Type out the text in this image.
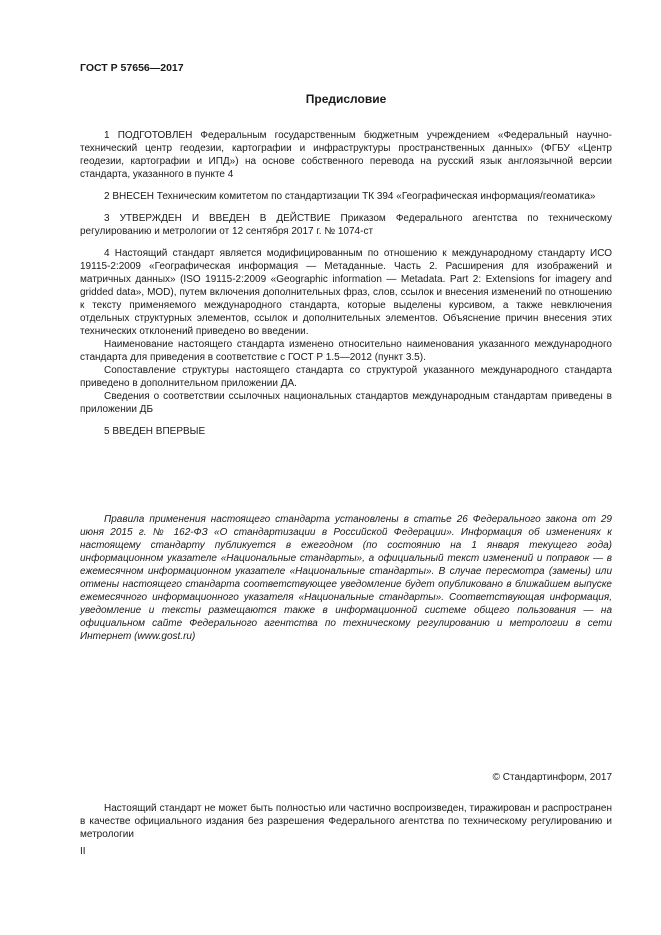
ГОСТ Р 57656—2017

Предисловие

1 ПОДГОТОВЛЕН Федеральным государственным бюджетным учреждением «Федеральный научно-технический центр геодезии, картографии и инфраструктуры пространственных данных» (ФГБУ «Центр геодезии, картографии и ИПД») на основе собственного перевода на русский язык англоязычной версии стандарта, указанного в пункте 4

2 ВНЕСЕН Техническим комитетом по стандартизации ТК 394 «Географическая информация/геоматика»

3 УТВЕРЖДЕН И ВВЕДЕН В ДЕЙСТВИЕ Приказом Федерального агентства по техническому регулированию и метрологии от 12 сентября 2017 г. № 1074-ст

4 Настоящий стандарт является модифицированным по отношению к международному стандарту ИСО 19115-2:2009 «Географическая информация — Метаданные. Часть 2. Расширения для изображений и матричных данных» (ISO 19115-2:2009 «Geographic information — Metadata. Part 2: Extensions for imagery and gridded data», MOD), путем включения дополнительных фраз, слов, ссылок и внесения изменений по отношению к тексту применяемого международного стандарта, которые выделены курсивом, а также невключения отдельных структурных элементов, ссылок и дополнительных элементов. Объяснение причин внесения этих технических отклонений приведено во введении.

Наименование настоящего стандарта изменено относительно наименования указанного международного стандарта для приведения в соответствие с ГОСТ Р 1.5—2012 (пункт 3.5).

Сопоставление структуры настоящего стандарта со структурой указанного международного стандарта приведено в дополнительном приложении ДА.

Сведения о соответствии ссылочных национальных стандартов международным стандартам приведены в приложении ДБ

5 ВВЕДЕН ВПЕРВЫЕ

Правила применения настоящего стандарта установлены в статье 26 Федерального закона от 29 июня 2015 г. № 162-ФЗ «О стандартизации в Российской Федерации». Информация об изменениях к настоящему стандарту публикуется в ежегодном (по состоянию на 1 января текущего года) информационном указателе «Национальные стандарты», а официальный текст изменений и поправок — в ежемесячном информационном указателе «Национальные стандарты». В случае пересмотра (замены) или отмены настоящего стандарта соответствующее уведомление будет опубликовано в ближайшем выпуске ежемесячного информационного указателя «Национальные стандарты». Соответствующая информация, уведомление и тексты размещаются также в информационной системе общего пользования — на официальном сайте Федерального агентства по техническому регулированию и метрологии в сети Интернет (www.gost.ru)

© Стандартинформ, 2017

Настоящий стандарт не может быть полностью или частично воспроизведен, тиражирован и распространен в качестве официального издания без разрешения Федерального агентства по техническому регулированию и метрологии

II
